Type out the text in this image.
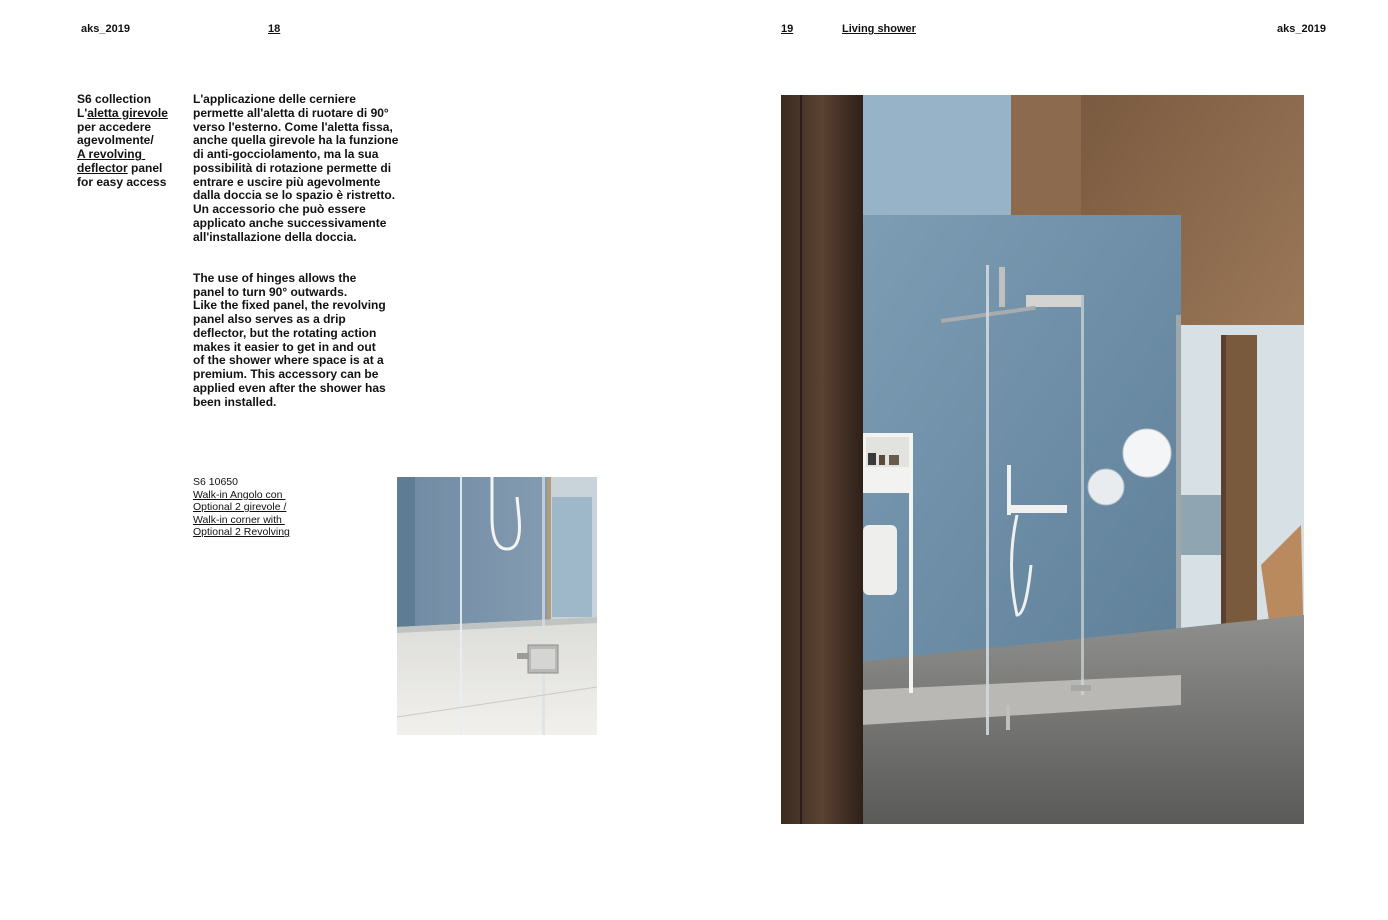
aks_2019	18	19	Living shower	aks_2019
S6 collection
L'aletta girevole
per accedere
agevolmente/
A revolving
deflector panel
for easy access

L'applicazione delle cerniere
permette all'aletta di ruotare di 90°
verso l'esterno. Come l'aletta fissa,
anche quella girevole ha la funzione
di anti-gocciolamento, ma la sua
possibilità di rotazione permette di
entrare e uscire più agevolmente
dalla doccia se lo spazio è ristretto.
Un accessorio che può essere
applicato anche successivamente
all'installazione della doccia.

The use of hinges allows the
panel to turn 90° outwards.
Like the fixed panel, the revolving
panel also serves as a drip
deflector, but the rotating action
makes it easier to get in and out
of the shower where space is at a
premium. This accessory can be
applied even after the shower has
been installed.

S6 10650
Walk-in Angolo con
Optional 2 girevole /
Walk-in corner with
Optional 2 Revolving
